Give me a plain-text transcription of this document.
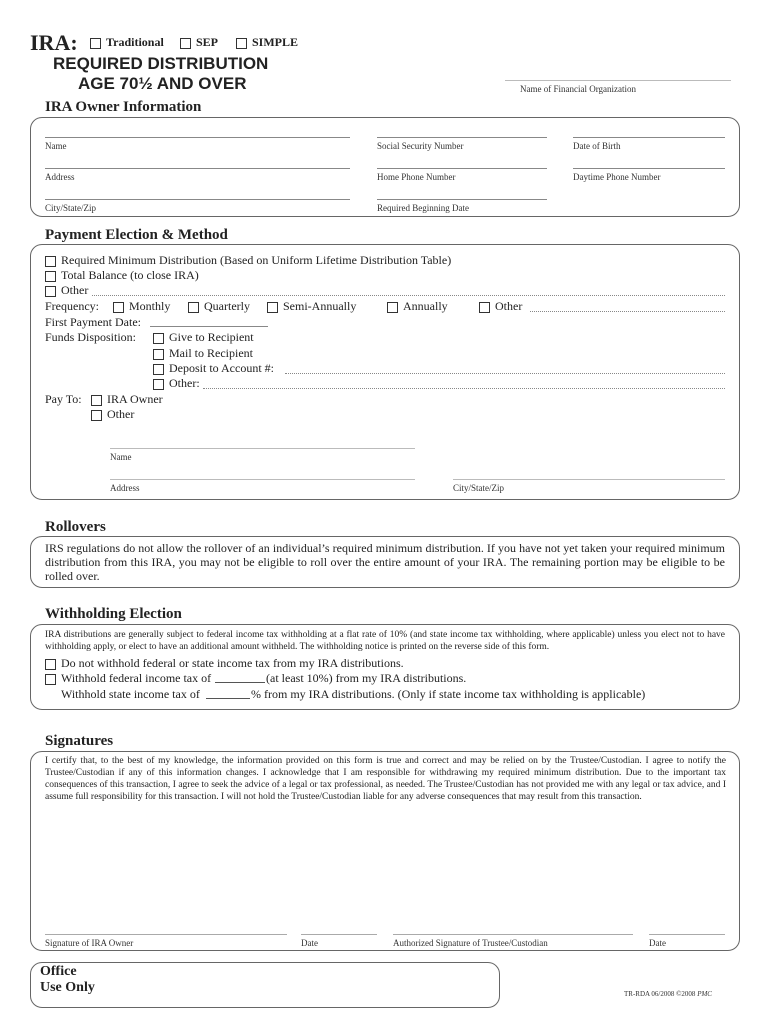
IRA:	Traditional	SEP	SIMPLE
REQUIRED DISTRIBUTION
AGE 70½ AND OVER	Name of Financial Organization
IRA Owner Information
Name	Social Security Number	Date of Birth
Address	Home Phone Number	Daytime Phone Number
City/State/Zip	Required Beginning Date
Payment Election & Method
Required Minimum Distribution (Based on Uniform Lifetime Distribution Table)
Total Balance (to close IRA)
Other
Frequency:	Monthly	Quarterly	Semi-Annually	Annually	Other
First Payment Date:
Funds Disposition:	Give to Recipient
Mail to Recipient
Deposit to Account #:
Other:
Pay To:	IRA Owner
Other
Name
Address	City/State/Zip
Rollovers
IRS regulations do not allow the rollover of an individual’s required minimum distribution. If you have not yet taken your required minimum distribution from this IRA, you may not be eligible to roll over the entire amount of your IRA. The remaining portion may be eligible to be rolled over.
Withholding Election
IRA distributions are generally subject to federal income tax withholding at a flat rate of 10% (and state income tax withholding, where applicable) unless you elect not to have withholding apply, or elect to have an additional amount withheld. The withholding notice is printed on the reverse side of this form.
Do not withhold federal or state income tax from my IRA distributions.
Withhold federal income tax of	(at least 10%) from my IRA distributions.
Withhold state income tax of	% from my IRA distributions. (Only if state income tax withholding is applicable)
Signatures
I certify that, to the best of my knowledge, the information provided on this form is true and correct and may be relied on by the Trustee/Custodian. I agree to notify the Trustee/Custodian if any of this information changes. I acknowledge that I am responsible for withdrawing my required minimum distribution. Due to the important tax consequences of this transaction, I agree to seek the advice of a legal or tax professional, as needed. The Trustee/Custodian has not provided me with any legal or tax advice, and I assume full responsibility for this transaction. I will not hold the Trustee/Custodian liable for any adverse consequences that may result from this transaction.
Signature of IRA Owner	Date	Authorized Signature of Trustee/Custodian	Date
Office
Use Only	TR-RDA 06/2008 ©2008 PMC
